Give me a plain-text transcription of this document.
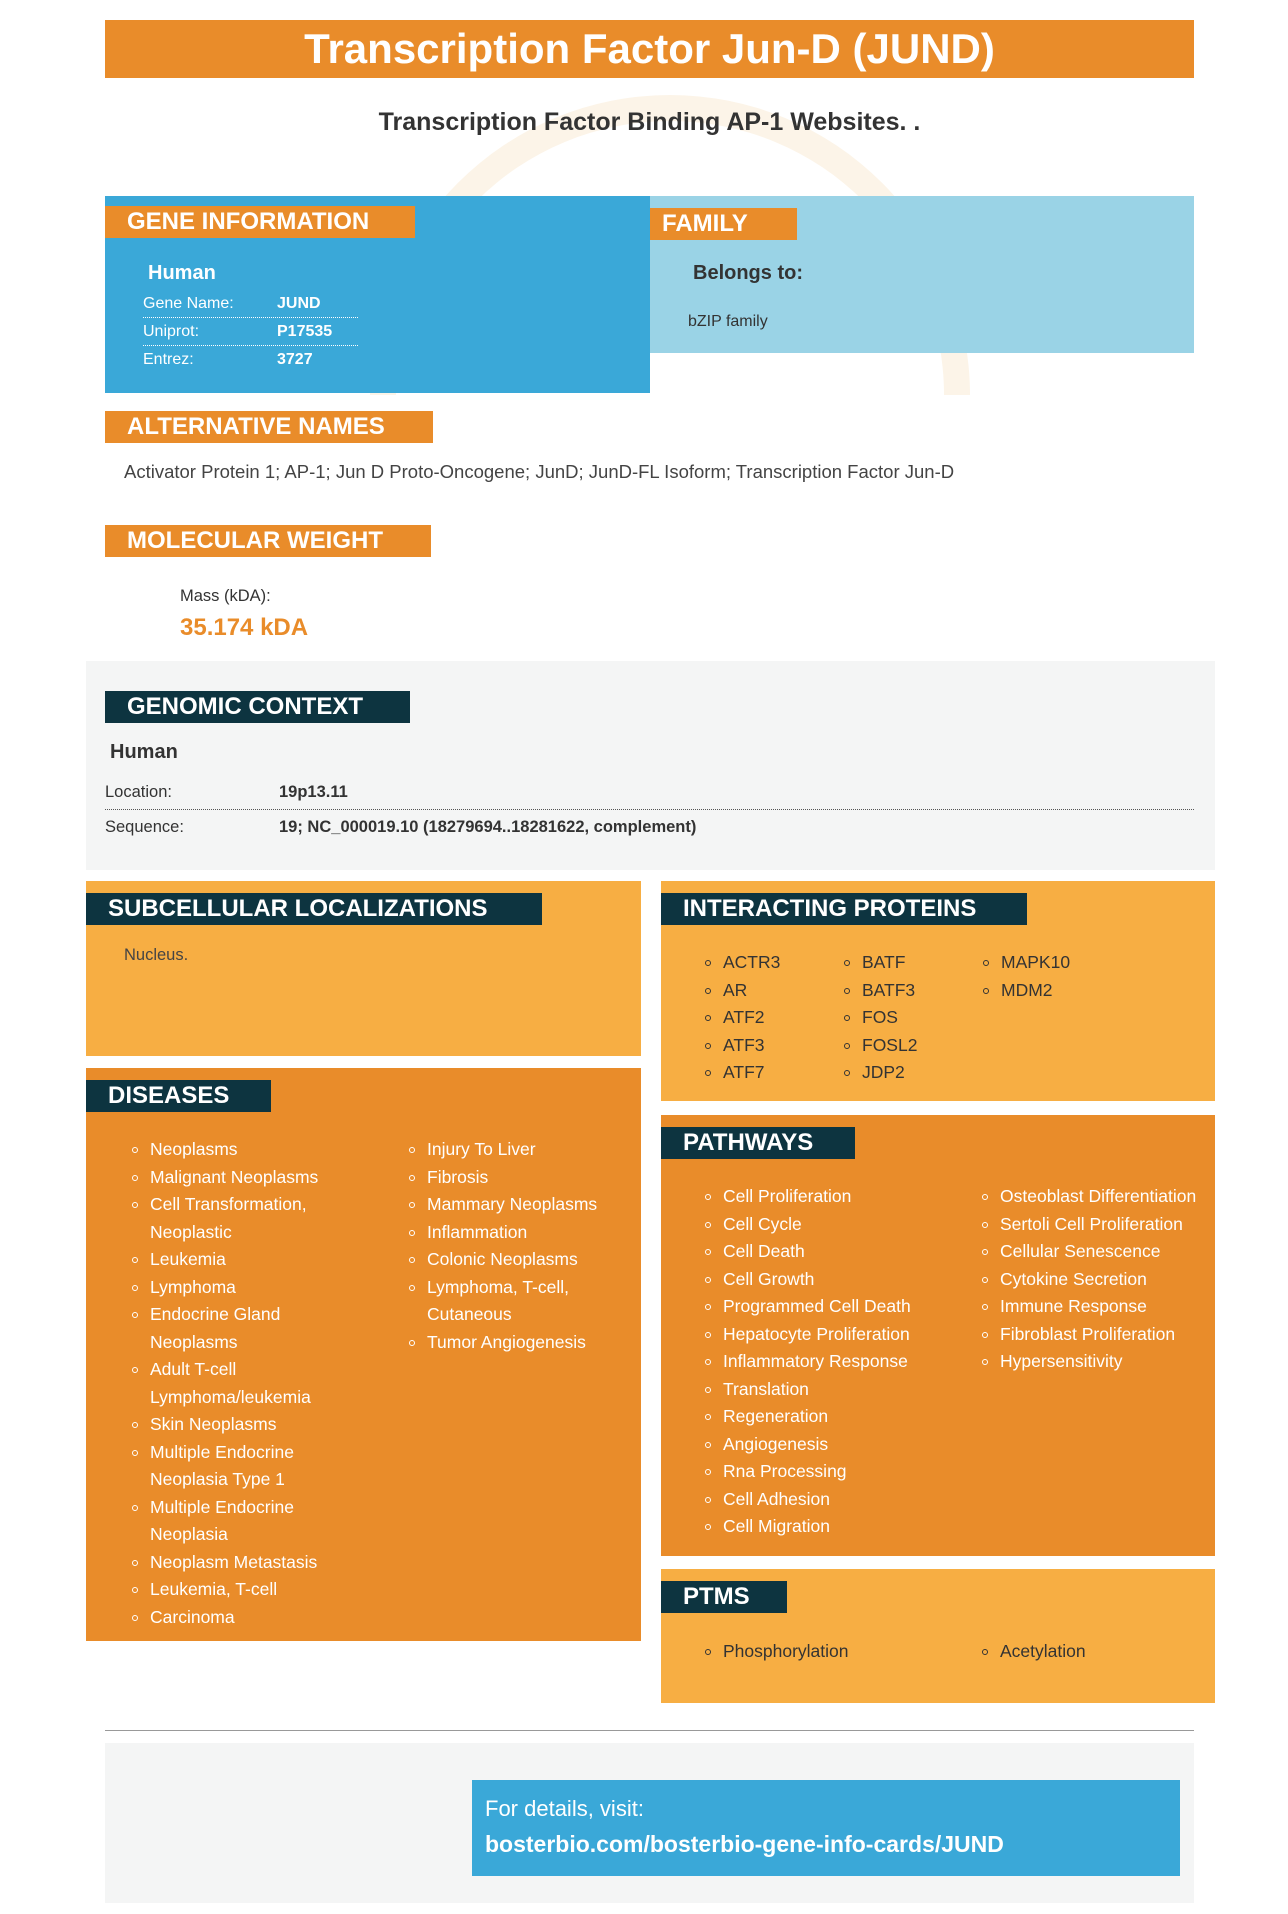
Transcription Factor Jun-D (JUND)
Transcription Factor Binding AP-1 Websites. .
GENE INFORMATION
Human
Gene Name:	JUND
Uniprot:	P17535
Entrez:	3727
FAMILY
Belongs to:
bZIP family
ALTERNATIVE NAMES
Activator Protein 1; AP-1; Jun D Proto-Oncogene; JunD; JunD-FL Isoform; Transcription Factor Jun-D
MOLECULAR WEIGHT
Mass (kDA):
35.174 kDA
GENOMIC CONTEXT
Human
Location:	19p13.11
Sequence:	19; NC_000019.10 (18279694..18281622, complement)
SUBCELLULAR LOCALIZATIONS
Nucleus.
DISEASES
Neoplasms
Malignant Neoplasms
Cell Transformation, Neoplastic
Leukemia
Lymphoma
Endocrine Gland Neoplasms
Adult T-cell Lymphoma/leukemia
Skin Neoplasms
Multiple Endocrine Neoplasia Type 1
Multiple Endocrine Neoplasia
Neoplasm Metastasis
Leukemia, T-cell
Carcinoma
Injury To Liver
Fibrosis
Mammary Neoplasms
Inflammation
Colonic Neoplasms
Lymphoma, T-cell, Cutaneous
Tumor Angiogenesis
INTERACTING PROTEINS
ACTR3
AR
ATF2
ATF3
ATF7
BATF
BATF3
FOS
FOSL2
JDP2
MAPK10
MDM2
PATHWAYS
Cell Proliferation
Cell Cycle
Cell Death
Cell Growth
Programmed Cell Death
Hepatocyte Proliferation
Inflammatory Response
Translation
Regeneration
Angiogenesis
Rna Processing
Cell Adhesion
Cell Migration
Osteoblast Differentiation
Sertoli Cell Proliferation
Cellular Senescence
Cytokine Secretion
Immune Response
Fibroblast Proliferation
Hypersensitivity
PTMS
Phosphorylation	Acetylation
For details, visit:
bosterbio.com/bosterbio-gene-info-cards/JUND
